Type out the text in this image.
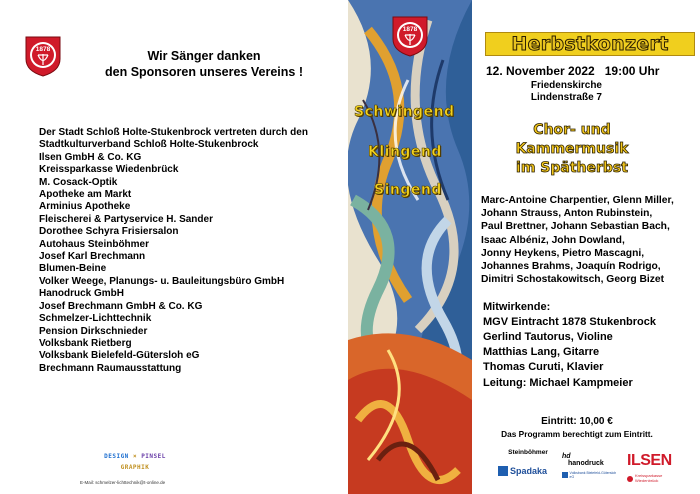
1878	Wir Sänger danken
den Sponsoren unseres Vereins !
Der Stadt Schloß Holte-Stukenbrock vertreten durch den
Stadtkulturverband Schloß Holte-Stukenbrock
Ilsen GmbH & Co. KG
Kreissparkasse Wiedenbrück
M. Cosack-Optik
Apotheke am Markt
Arminius Apotheke
Fleischerei & Partyservice H. Sander
Dorothee Schyra Frisiersalon
Autohaus Steinböhmer
Josef Karl Brechmann
Blumen-Beine
Volker Weege, Planungs- u. Bauleitungsbüro GmbH
Hanodruck GmbH
Josef Brechmann GmbH & Co. KG
Schmelzer-Lichttechnik
Pension Dirkschnieder
Volksbank Rietberg
Volksbank Bielefeld-Gütersloh eG
Brechmann Raumausstattung
DESIGN × PINSEL
GRAPHIK
E-Mail: schmelzer-lichttechnik@t-online.de
1878
Schwingend
Klingend
Singend
Herbstkonzert
12. November 2022 19:00 Uhr
Friedenskirche
Lindenstraße 7
Chor- und Kammermusik
im Spätherbst
Marc-Antoine Charpentier, Glenn Miller,
Johann Strauss, Anton Rubinstein,
Paul Brettner, Johann Sebastian Bach,
Isaac Albéniz, John Dowland,
Jonny Heykens, Pietro Mascagni,
Johannes Brahms, Joaquín Rodrigo,
Dimitri Schostakowitsch, Georg Bizet
Mitwirkende:
MGV Eintracht 1878 Stukenbrock
Gerlind Tautorus, Violine
Matthias Lang, Gitarre
Thomas Curuti, Klavier
Leitung: Michael Kampmeier
Eintritt: 10,00 €
Das Programm berechtigt zum Eintritt.
Steinböhmer
Spadaka
hd
hanodruck
Volksbank Bielefeld-Gütersloh eG
ILSEN
Kreissparkasse Wiedenbrück
